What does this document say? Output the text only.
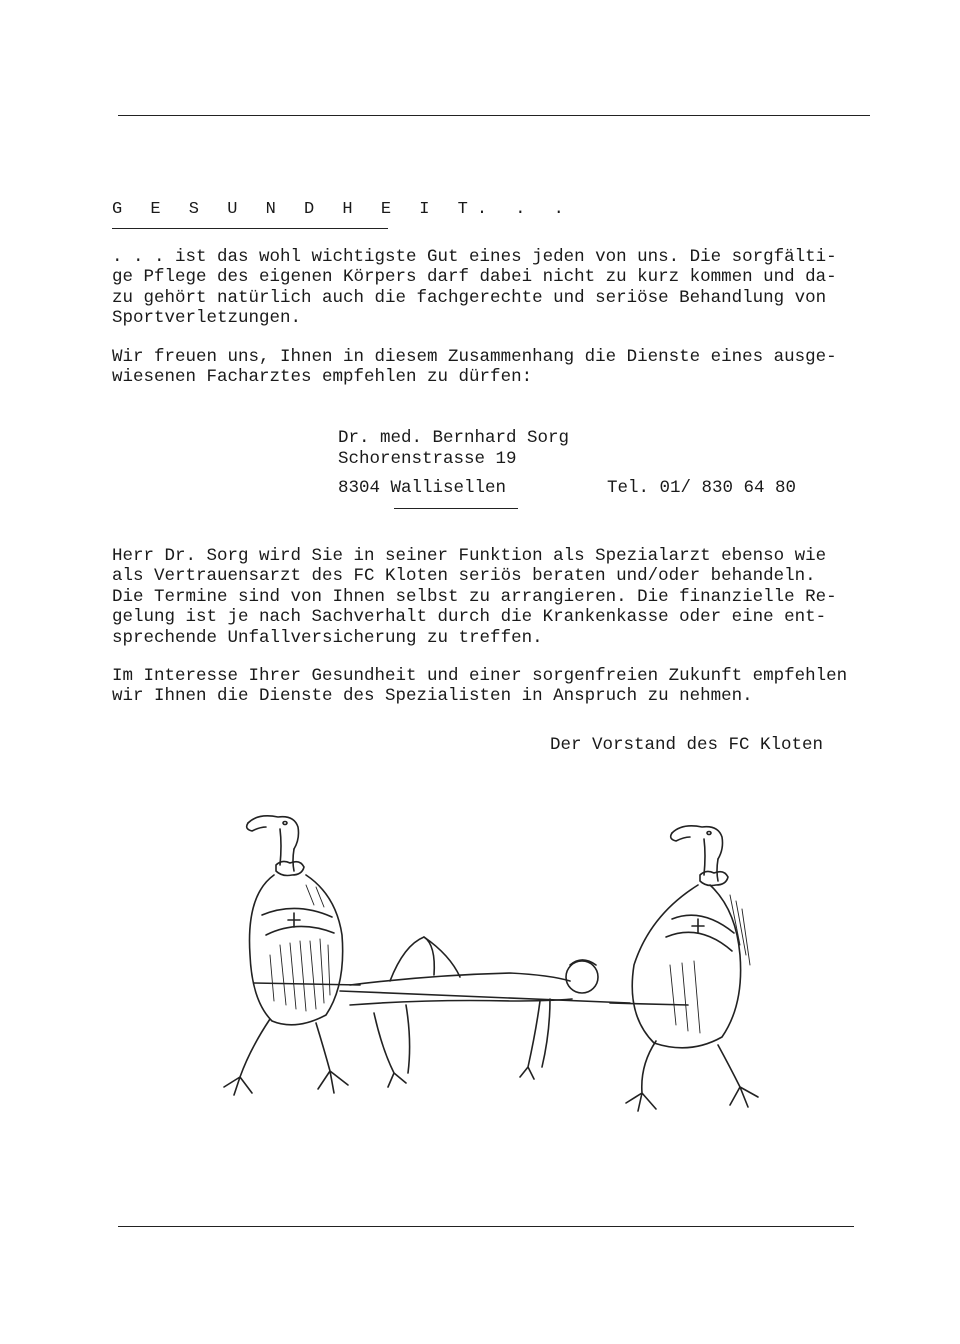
G E S U N D H E I T. . .
. . . ist das wohl wichtigste Gut eines jeden von uns. Die sorgfälti-
ge Pflege des eigenen Körpers darf dabei nicht zu kurz kommen und da-
zu gehört natürlich auch die fachgerechte und seriöse Behandlung von
Sportverletzungen.
Wir freuen uns, Ihnen in diesem Zusammenhang die Dienste eines ausge-
wiesenen Facharztes empfehlen zu dürfen:
Dr. med. Bernhard Sorg
Schorenstrasse 19
8304 Wallisellen	Tel. 01/ 830 64 80
Herr Dr. Sorg wird Sie in seiner Funktion als Spezialarzt ebenso wie
als Vertrauensarzt des FC Kloten seriös beraten und/oder behandeln.
Die Termine sind von Ihnen selbst zu arrangieren. Die finanzielle Re-
gelung ist je nach Sachverhalt durch die Krankenkasse oder eine ent-
sprechende Unfallversicherung zu treffen.
Im Interesse Ihrer Gesundheit und einer sorgenfreien Zukunft empfehlen
wir Ihnen die Dienste des Spezialisten in Anspruch zu nehmen.
Der Vorstand des FC Kloten
